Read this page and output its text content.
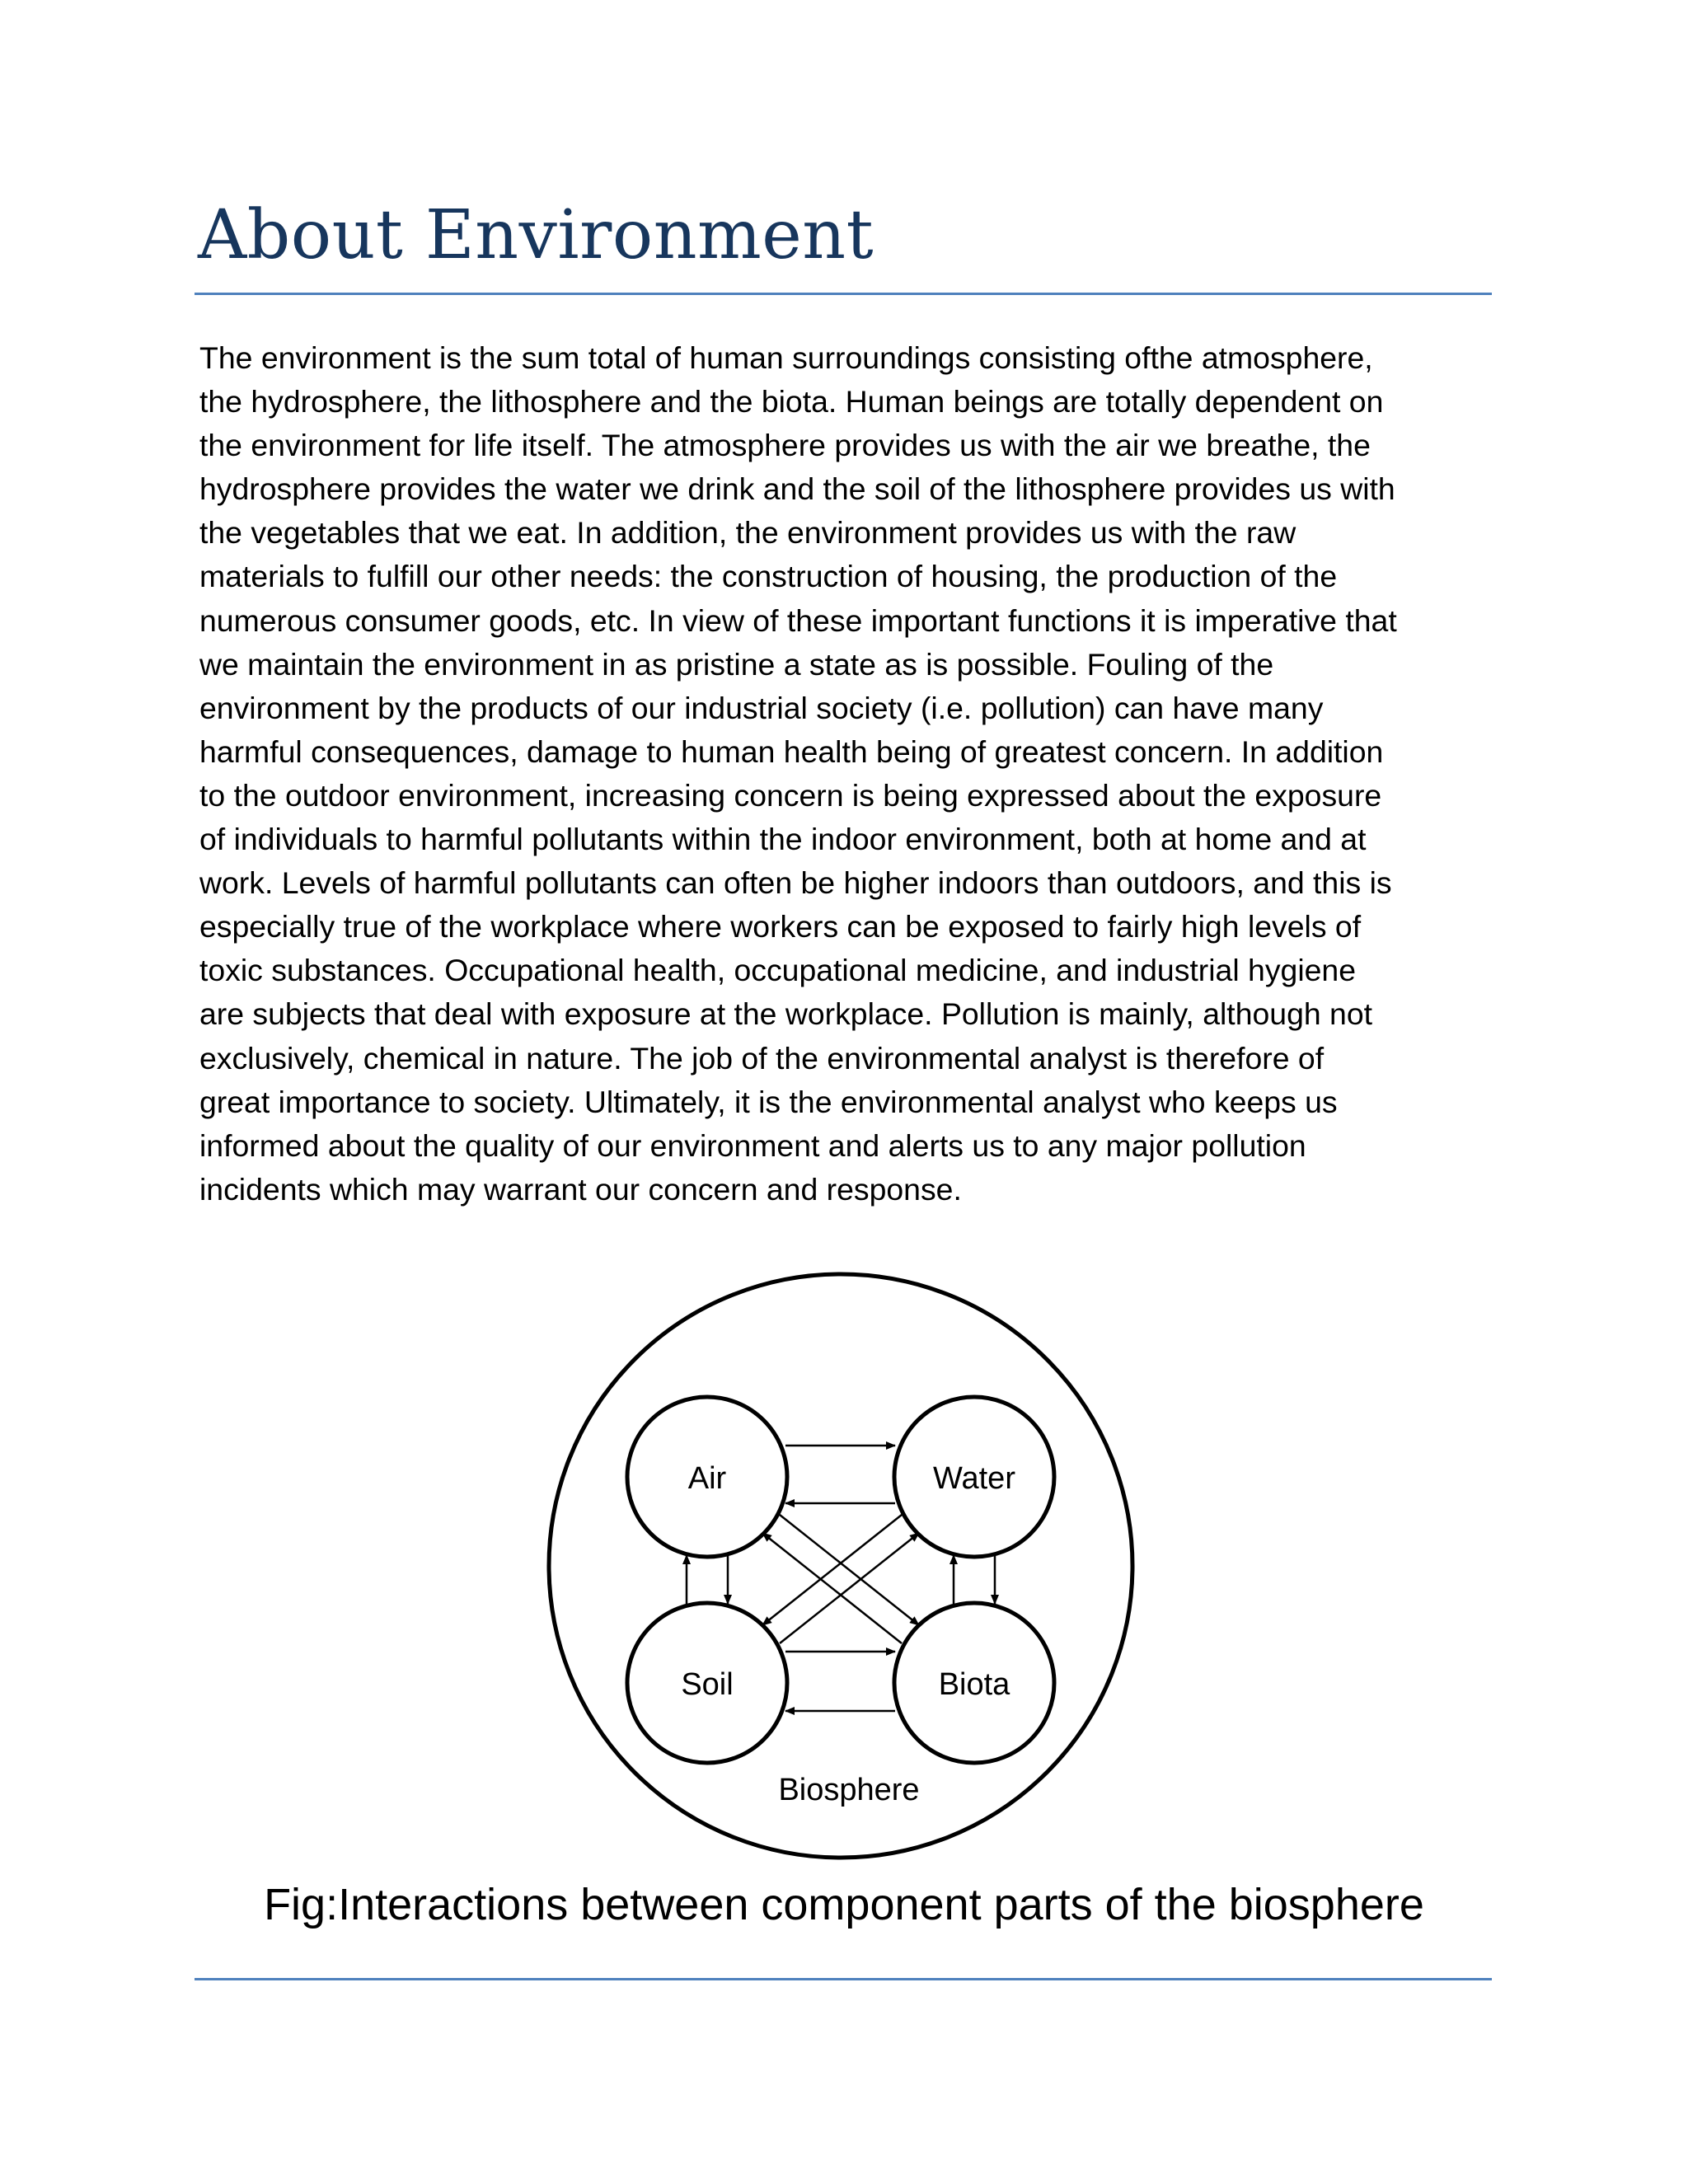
About Environment

The environment is the sum total of human surroundings consisting ofthe atmosphere,
the hydrosphere, the lithosphere and the biota. Human beings are totally dependent on
the environment for life itself. The atmosphere provides us with the air we breathe, the
hydrosphere provides the water we drink and the soil of the lithosphere provides us with
the vegetables that we eat. In addition, the environment provides us with the raw
materials to fulfill our other needs: the construction of housing, the production of the
numerous consumer goods, etc. In view of these important functions it is imperative that
we maintain the environment in as pristine a state as is possible. Fouling of the
environment by the products of our industrial society (i.e. pollution) can have many
harmful consequences, damage to human health being of greatest concern. In addition
to the outdoor environment, increasing concern is being expressed about the exposure
of individuals to harmful pollutants within the indoor environment, both at home and at
work. Levels of harmful pollutants can often be higher indoors than outdoors, and this is
especially true of the workplace where workers can be exposed to fairly high levels of
toxic substances. Occupational health, occupational medicine, and industrial hygiene
are subjects that deal with exposure at the workplace. Pollution is mainly, although not
exclusively, chemical in nature. The job of the environmental analyst is therefore of
great importance to society. Ultimately, it is the environmental analyst who keeps us
informed about the quality of our environment and alerts us to any major pollution
incidents which may warrant our concern and response.

Air	Water
Soil	Biota
Biosphere
Fig:Interactions between component parts of the biosphere
